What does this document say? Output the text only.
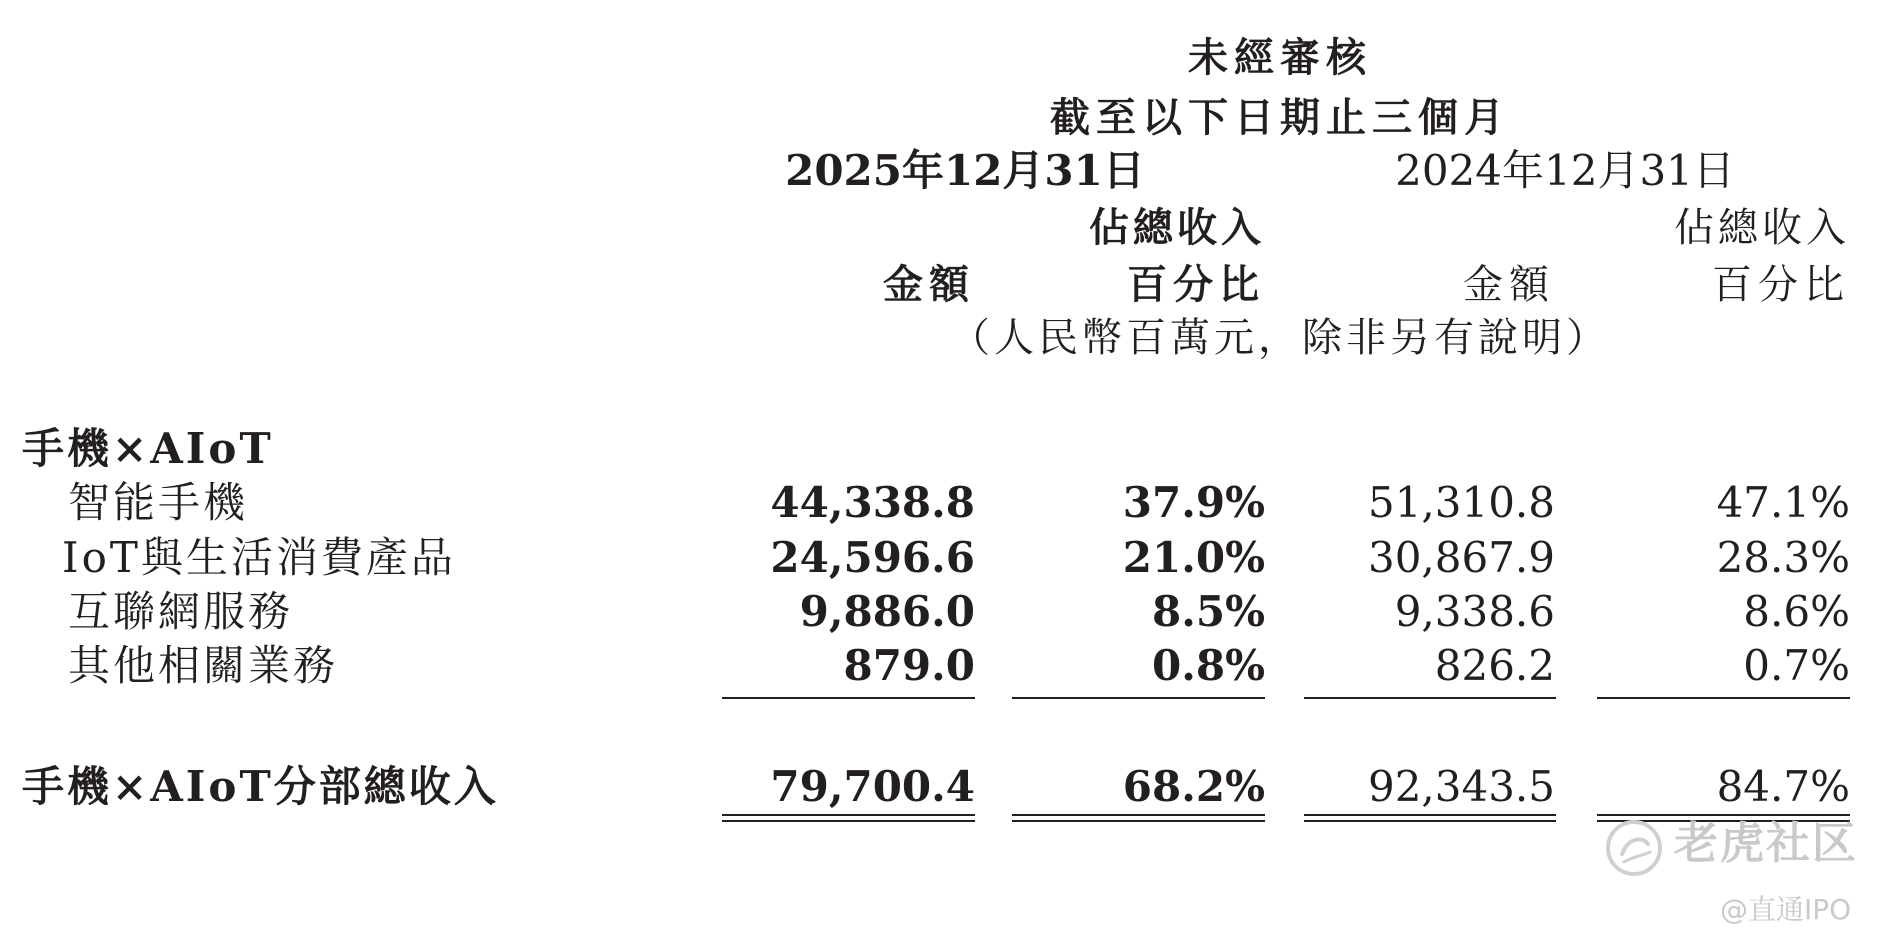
未經審核
截至以下日期止三個月
2025年12月31日	2024年12月31日
佔總收入	佔總收入
金額	百分比	金額	百分比
（人民幣百萬元，除非另有說明）
手機×AIoT
智能手機	44,338.8	37.9%	51,310.8	47.1%
IoT與生活消費產品	24,596.6	21.0%	30,867.9	28.3%
互聯網服務	9,886.0	8.5%	9,338.6	8.6%
其他相關業務	879.0	0.8%	826.2	0.7%
手機×AIoT分部總收入	79,700.4	68.2%	92,343.5	84.7%
老虎社区
@直通IPO
